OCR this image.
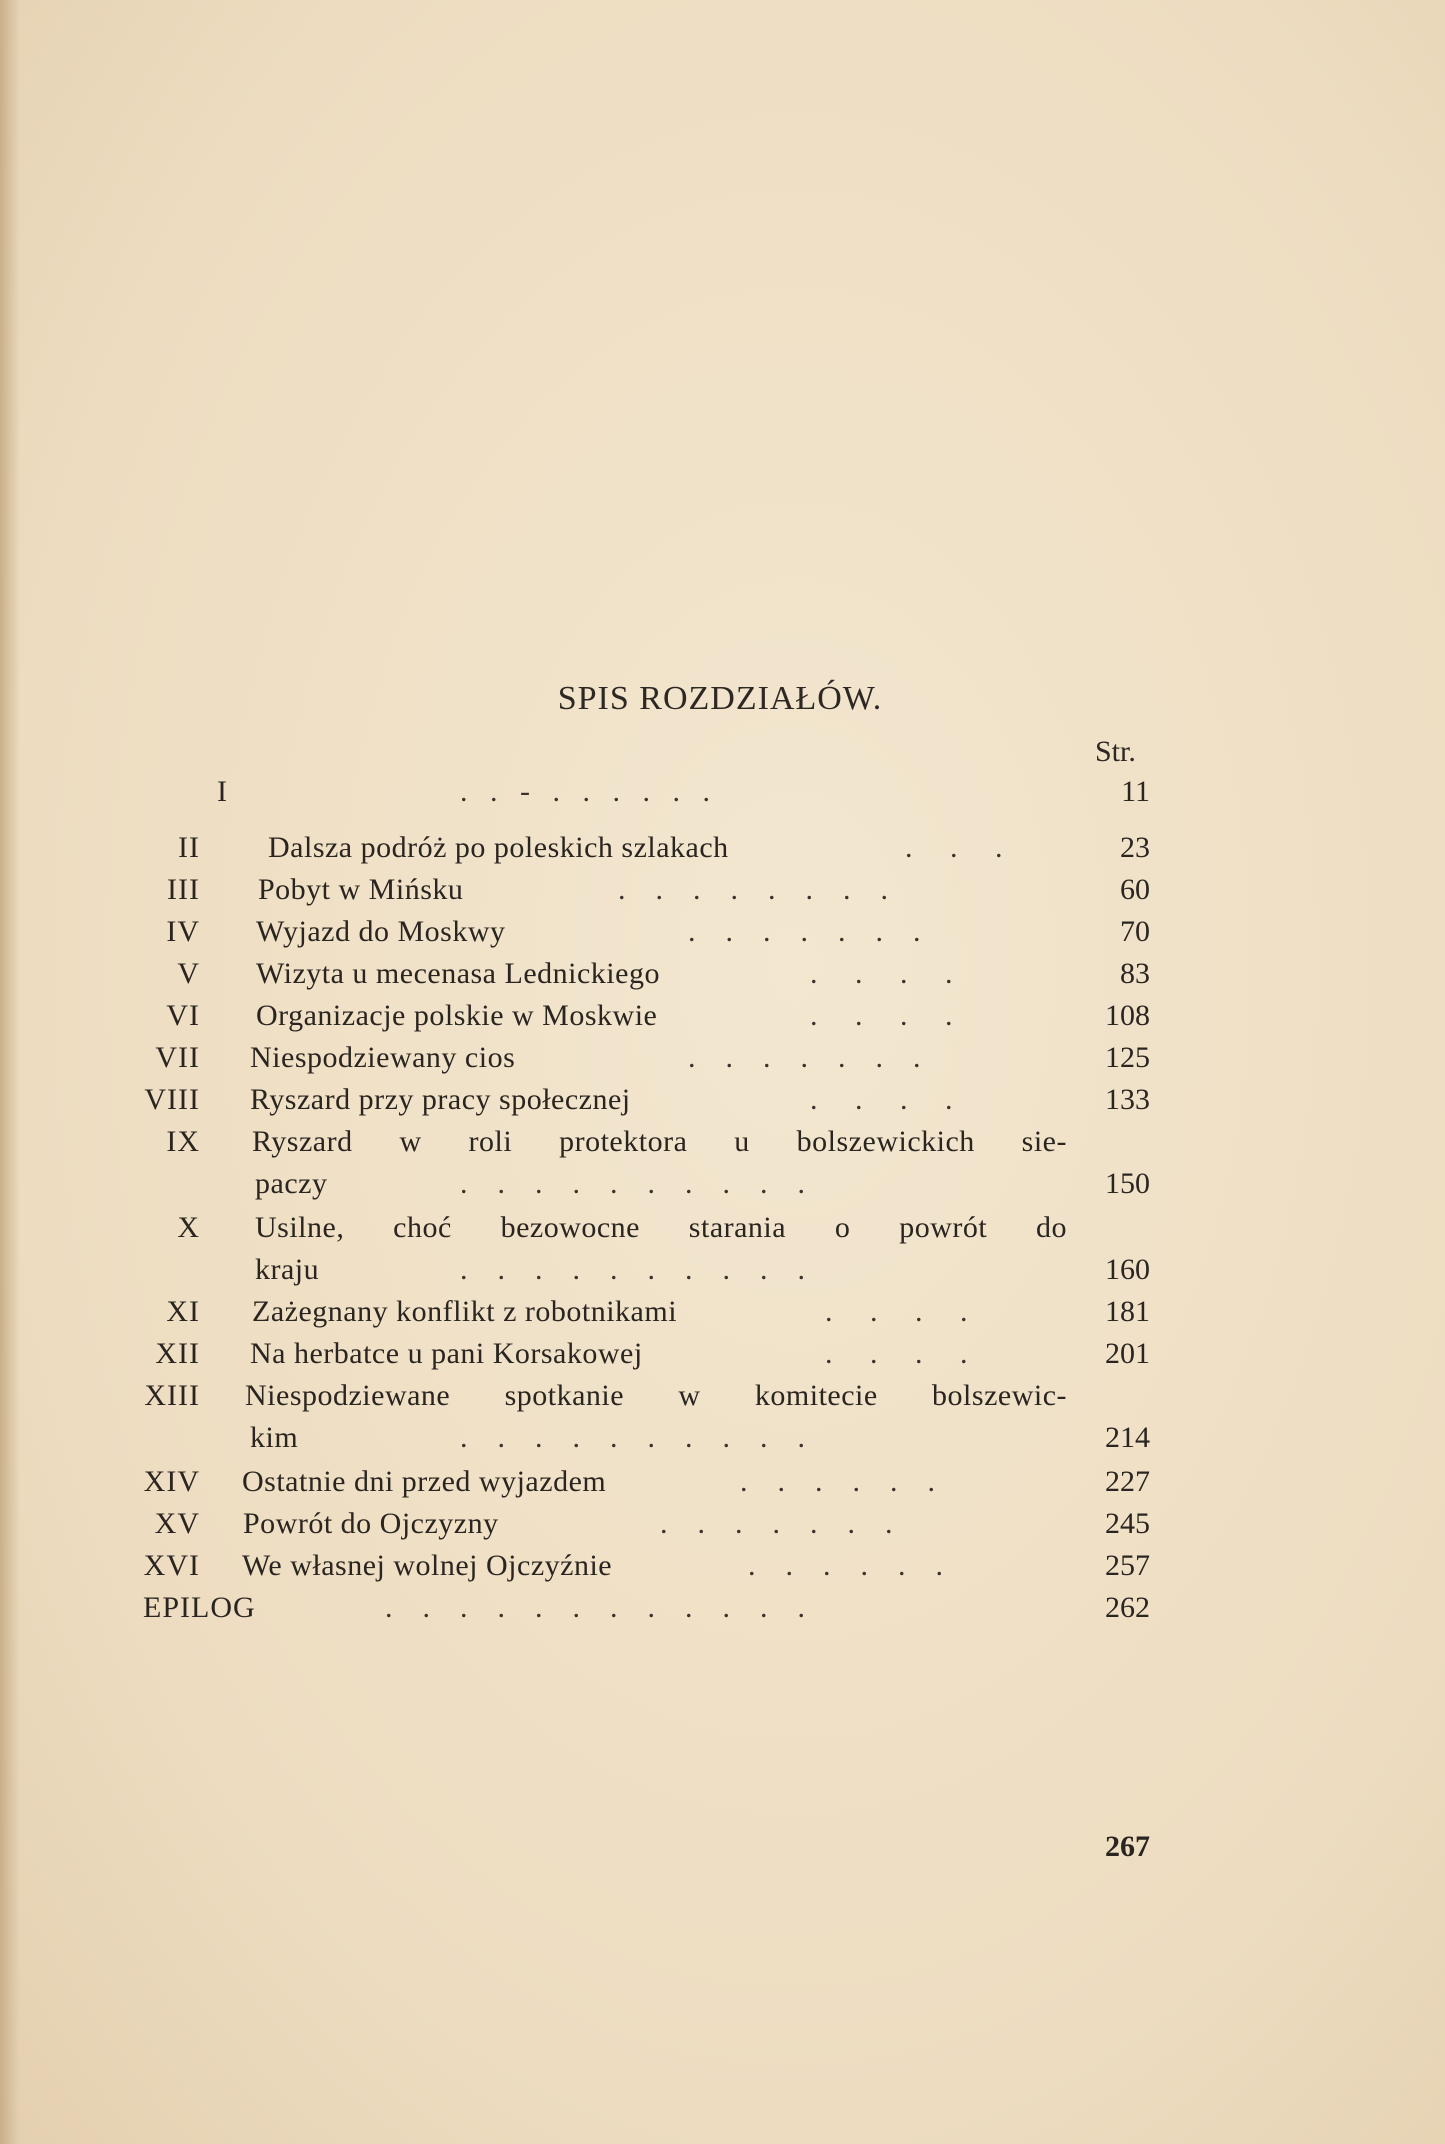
SPIS ROZDZIAŁÓW.
Str.
I	.   .   -   .   .   .   .   .   .	11
II Dalsza podróż po poleskich szlakach	.     .     .	23
III Pobyt w Mińsku	.    .    .    .    .    .    .    .	60
IV Wyjazd do Moskwy	.    .    .    .    .    .    .	70
V Wizyta u mecenasa Lednickiego	.     .     .     .	83
VI Organizacje polskie w Moskwie	.     .     .     .	108
VII Niespodziewany cios	.    .    .    .    .    .    .	125
VIII Ryszard przy pracy społecznej	.     .     .     .	133
IX Ryszard w roli protektora u bolszewickich sie-
paczy	.    .    .    .    .    .    .    .    .    .	150
X Usilne, choć bezowocne starania o powrót do
kraju	.    .    .    .    .    .    .    .    .    .	160
XI Zażegnany konflikt z robotnikami	.     .     .     .	181
XII Na herbatce u pani Korsakowej	.     .     .     .	201
XIII Niespodziewane spotkanie w komitecie bolszewic-
kim	.    .    .    .    .    .    .    .    .    .	214
XIV Ostatnie dni przed wyjazdem	.    .    .    .    .    .	227
XV Powrót do Ojczyzny	.    .    .    .    .    .    .	245
XVI We własnej wolnej Ojczyźnie	.    .    .    .    .    .	257
EPILOG	.    .    .    .    .    .    .    .    .    .    .    .	262
267
